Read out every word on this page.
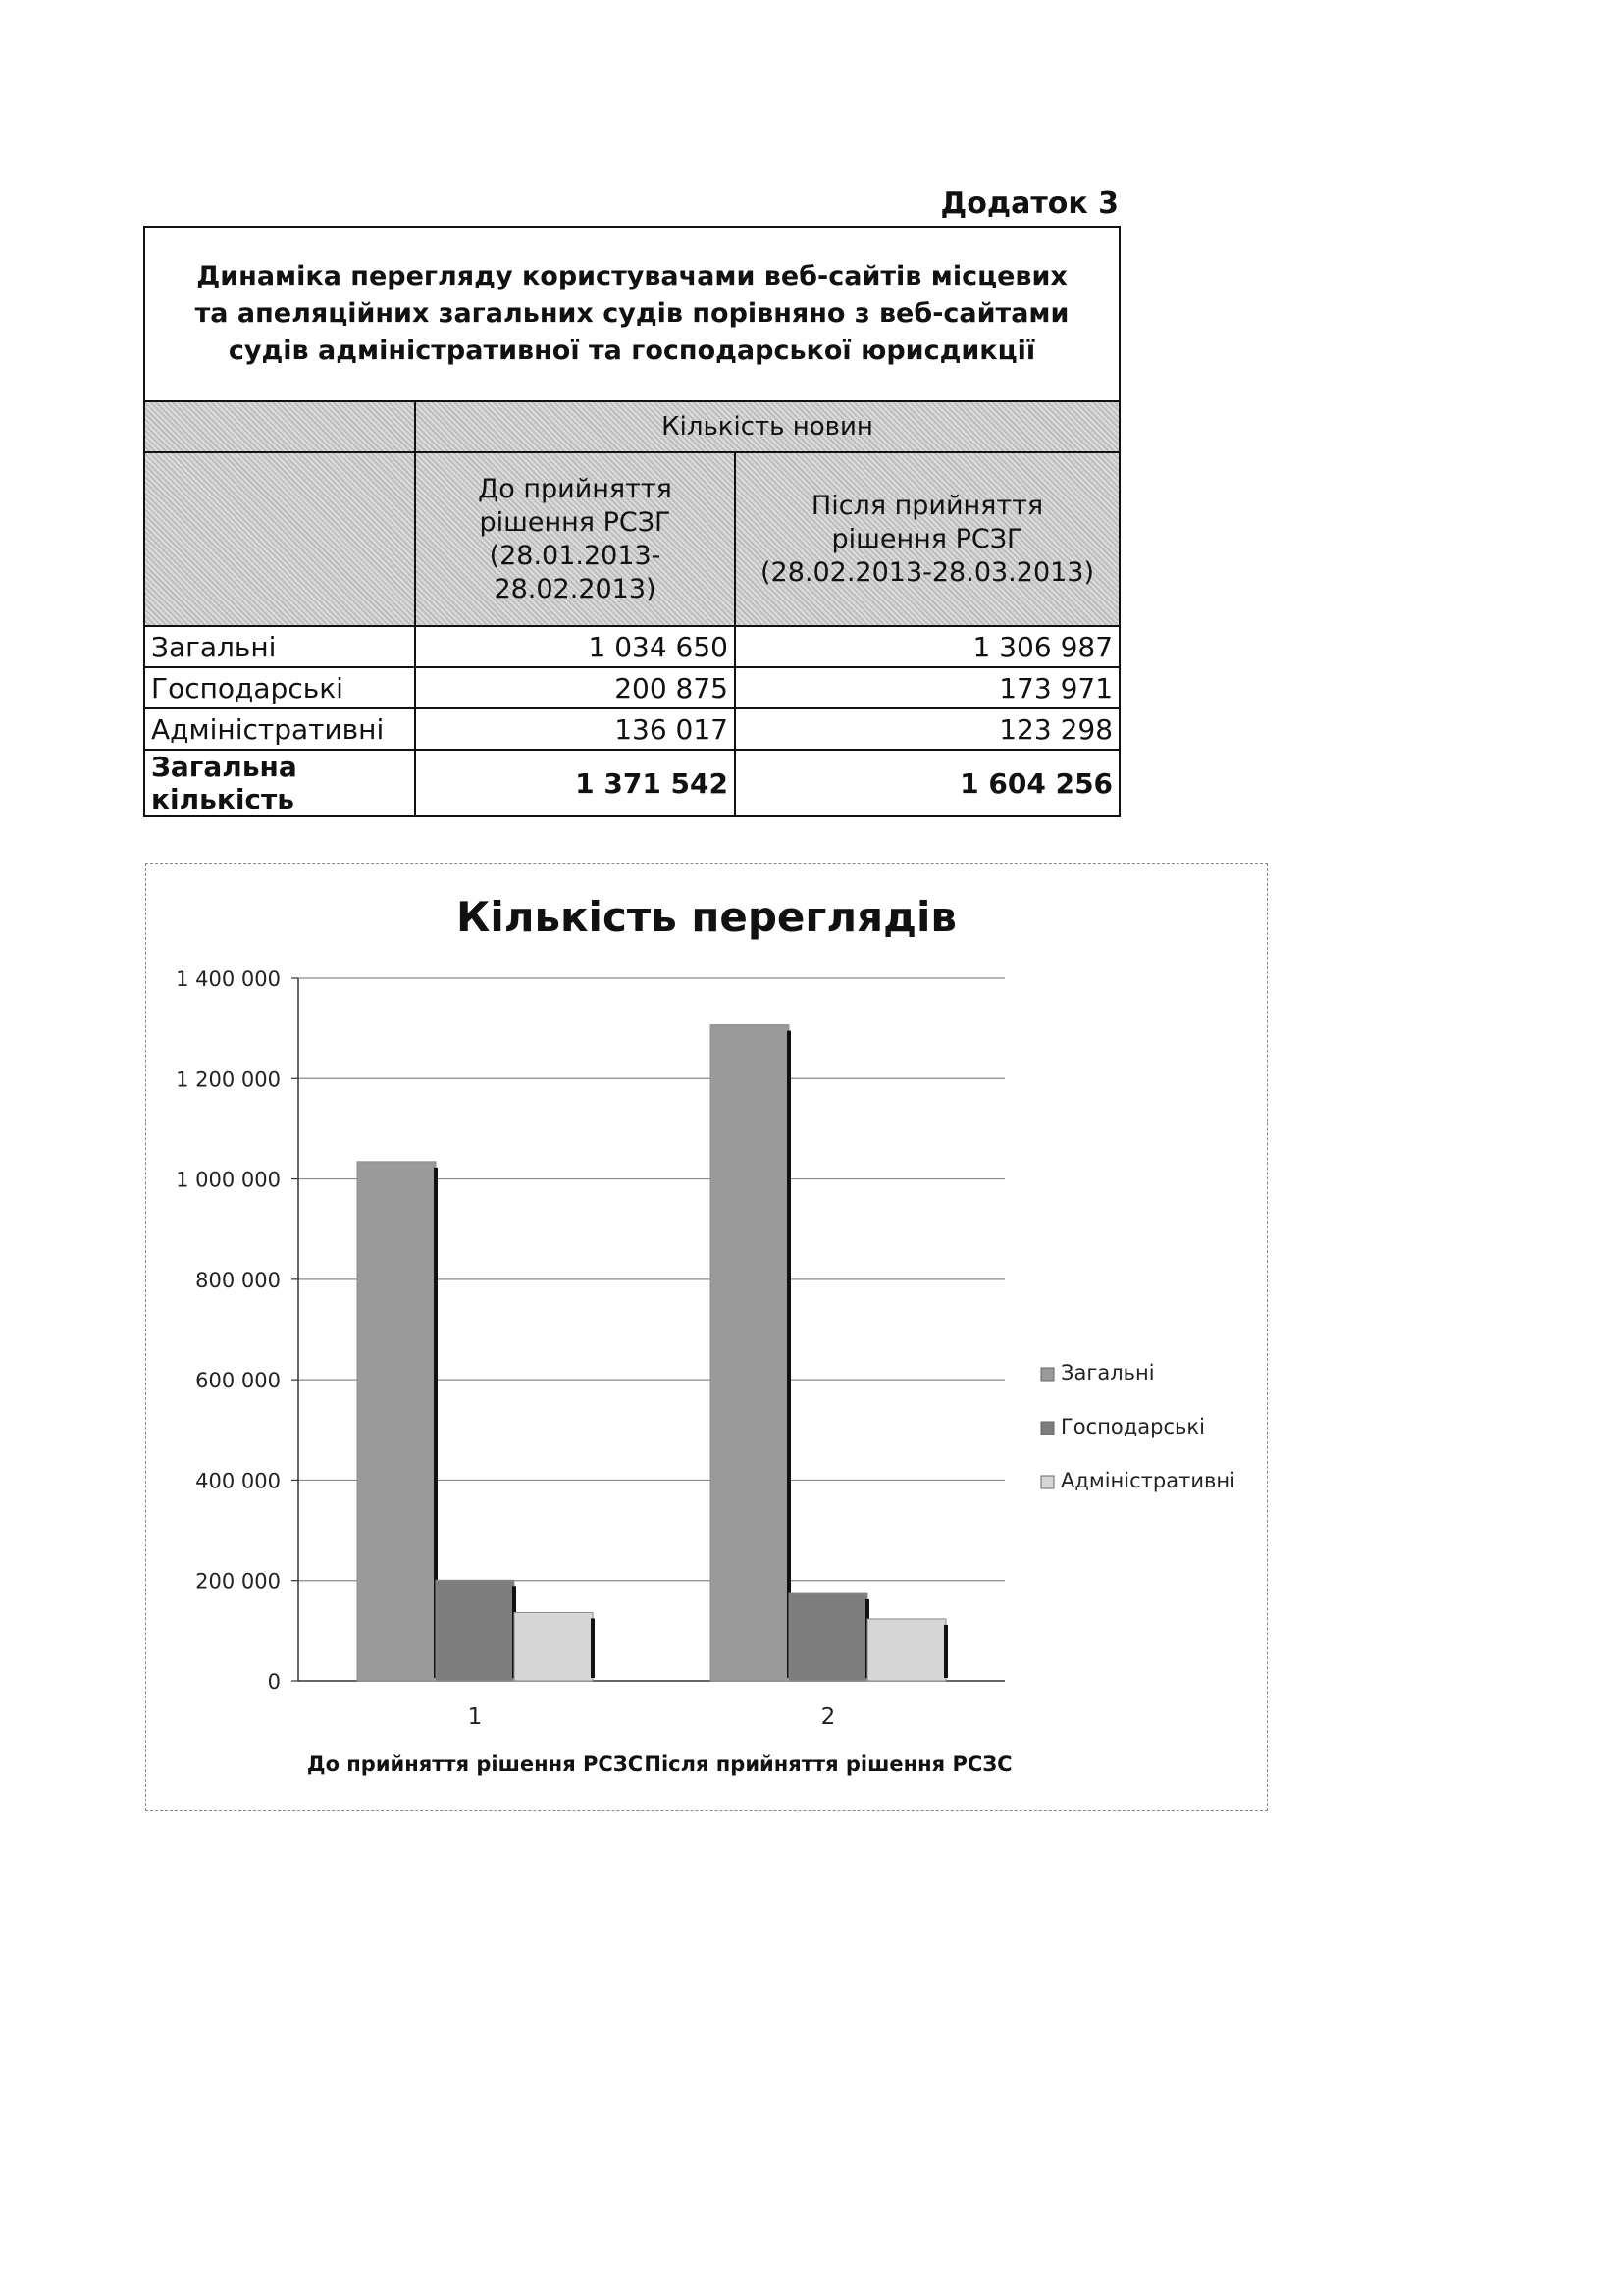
Додаток 3
Динаміка перегляду користувачами веб-сайтів місцевих та апеляційних загальних судів порівняно з веб-сайтами судів адміністративної та господарської юрисдикції		
	Кількість новин	
	До прийняття рішення РСЗГ (28.01.2013-28.02.2013)	Після прийняття рішення РСЗГ (28.02.2013-28.03.2013)
Загальні	1 034 650	1 306 987
Господарські	200 875	173 971
Адміністративні	136 017	123 298
Загальна кількість	1 371 542	1 604 256
Кількість переглядів
0
200 000
400 000
600 000
800 000
1 000 000
1 200 000
1 400 000
1
До прийняття рішення РСЗС
2
Після прийняття рішення РСЗС
Загальні
Господарські
Адміністративні
